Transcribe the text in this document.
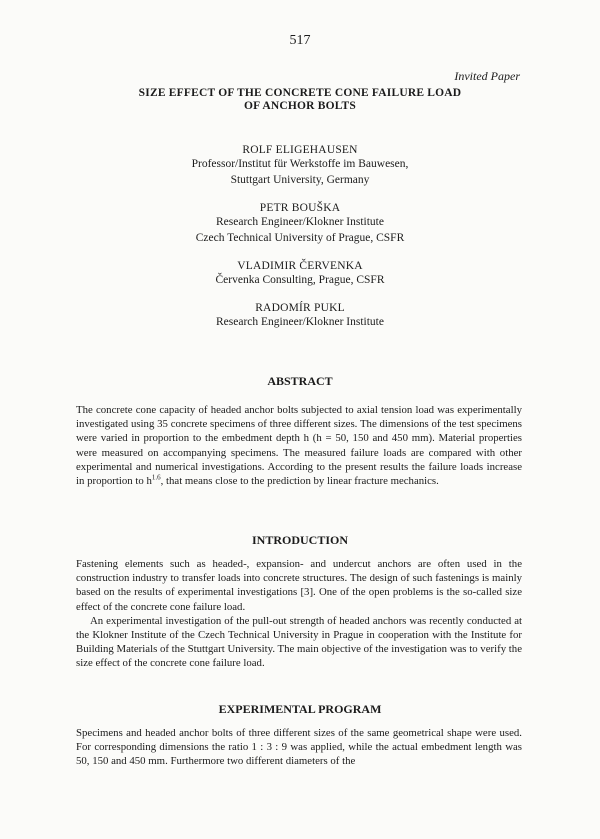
517
Invited Paper
SIZE EFFECT OF THE CONCRETE CONE FAILURE LOAD
OF ANCHOR BOLTS
ROLF ELIGEHAUSEN
Professor/Institut für Werkstoffe im Bauwesen,
Stuttgart University, Germany
PETR BOUŠKA
Research Engineer/Klokner Institute
Czech Technical University of Prague, CSFR
VLADIMIR ČERVENKA
Červenka Consulting, Prague, CSFR
RADOMÍR PUKL
Research Engineer/Klokner Institute
ABSTRACT

The concrete cone capacity of headed anchor bolts subjected to axial tension load was experimentally investigated using 35 concrete specimens of three different sizes. The dimensions of the test specimens were varied in proportion to the embedment depth h (h = 50, 150 and 450 mm). Material properties were measured on accompanying specimens. The measured failure loads are compared with other experimental and numerical investigations. According to the present results the failure loads increase in proportion to $h^{1.6}$, that means close to the prediction by linear fracture mechanics.

INTRODUCTION

Fastening elements such as headed-, expansion- and undercut anchors are often used in the construction industry to transfer loads into concrete structures. The design of such fastenings is mainly based on the results of experimental investigations [3]. One of the open problems is the so-called size effect of the concrete cone failure load.

An experimental investigation of the pull-out strength of headed anchors was recently conducted at the Klokner Institute of the Czech Technical University in Prague in cooperation with the Institute for Building Materials of the Stuttgart University. The main objective of the investigation was to verify the size effect of the concrete cone failure load.

EXPERIMENTAL PROGRAM

Specimens and headed anchor bolts of three different sizes of the same geometrical shape were used. For corresponding dimensions the ratio 1 : 3 : 9 was applied, while the actual embedment length was 50, 150 and 450 mm. Furthermore two different diameters of the
